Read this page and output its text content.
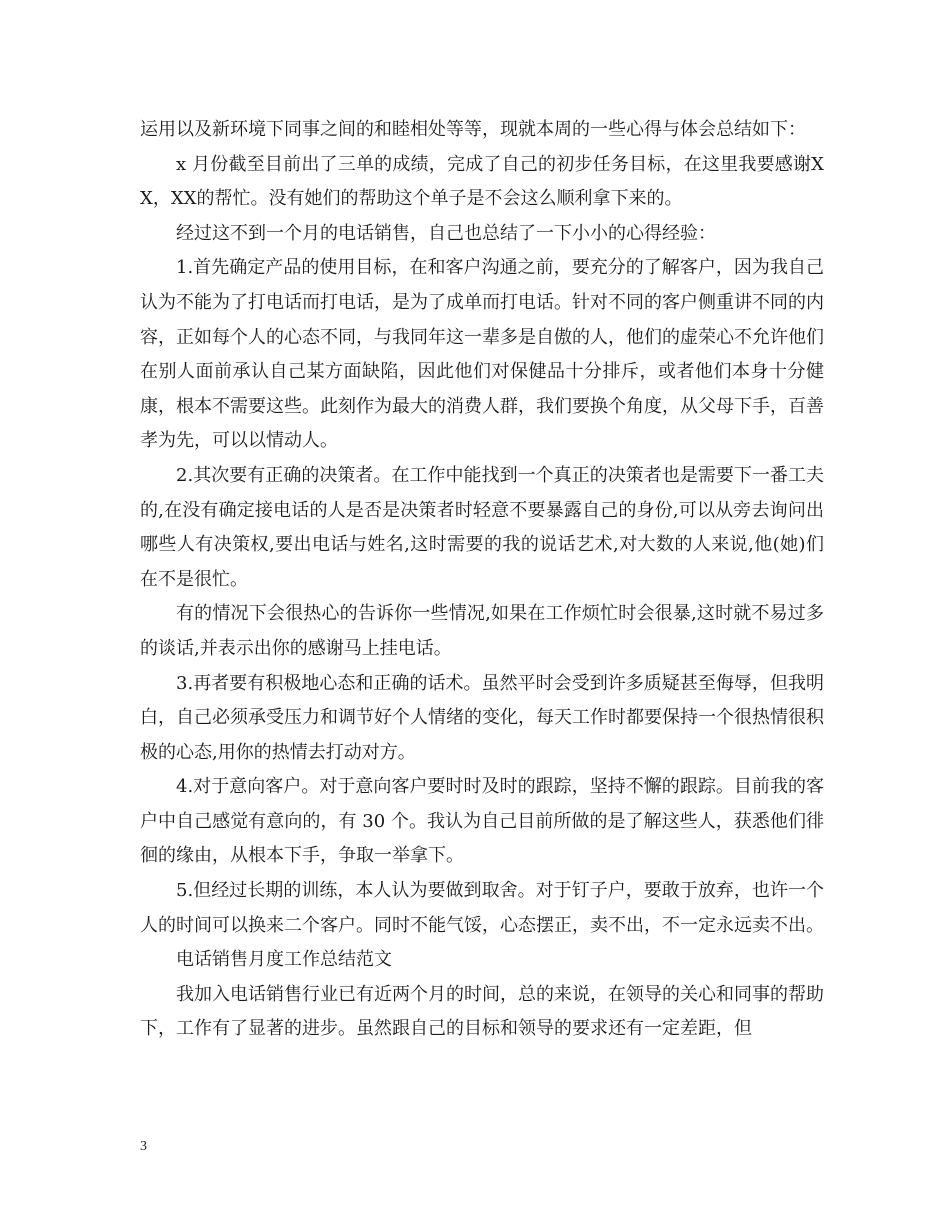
运用以及新环境下同事之间的和睦相处等等，现就本周的一些心得与体会总结如下：

x 月份截至目前出了三单的成绩，完成了自己的初步任务目标，在这里我要感谢XX，XX的帮忙。没有她们的帮助这个单子是不会这么顺利拿下来的。

经过这不到一个月的电话销售，自己也总结了一下小小的心得经验：

1.首先确定产品的使用目标，在和客户沟通之前，要充分的了解客户，因为我自己认为不能为了打电话而打电话，是为了成单而打电话。针对不同的客户侧重讲不同的内容，正如每个人的心态不同，与我同年这一辈多是自傲的人，他们的虚荣心不允许他们在别人面前承认自己某方面缺陷，因此他们对保健品十分排斥，或者他们本身十分健康，根本不需要这些。此刻作为最大的消费人群，我们要换个角度，从父母下手，百善孝为先，可以以情动人。

2.其次要有正确的决策者。在工作中能找到一个真正的决策者也是需要下一番工夫的,在没有确定接电话的人是否是决策者时轻意不要暴露自己的身份,可以从旁去询问出哪些人有决策权,要出电话与姓名,这时需要的我的说话艺术,对大数的人来说,他(她)们在不是很忙。

有的情况下会很热心的告诉你一些情况,如果在工作烦忙时会很暴,这时就不易过多的谈话,并表示出你的感谢马上挂电话。

3.再者要有积极地心态和正确的话术。虽然平时会受到许多质疑甚至侮辱，但我明白，自己必须承受压力和调节好个人情绪的变化，每天工作时都要保持一个很热情很积极的心态,用你的热情去打动对方。

4.对于意向客户。对于意向客户要时时及时的跟踪，坚持不懈的跟踪。目前我的客户中自己感觉有意向的，有 30 个。我认为自己目前所做的是了解这些人，获悉他们徘徊的缘由，从根本下手，争取一举拿下。

5.但经过长期的训练，本人认为要做到取舍。对于钉子户，要敢于放弃，也许一个人的时间可以换来二个客户。同时不能气馁，心态摆正，卖不出，不一定永远卖不出。

电话销售月度工作总结范文

我加入电话销售行业已有近两个月的时间，总的来说，在领导的关心和同事的帮助下，工作有了显著的进步。虽然跟自己的目标和领导的要求还有一定差距，但

3
